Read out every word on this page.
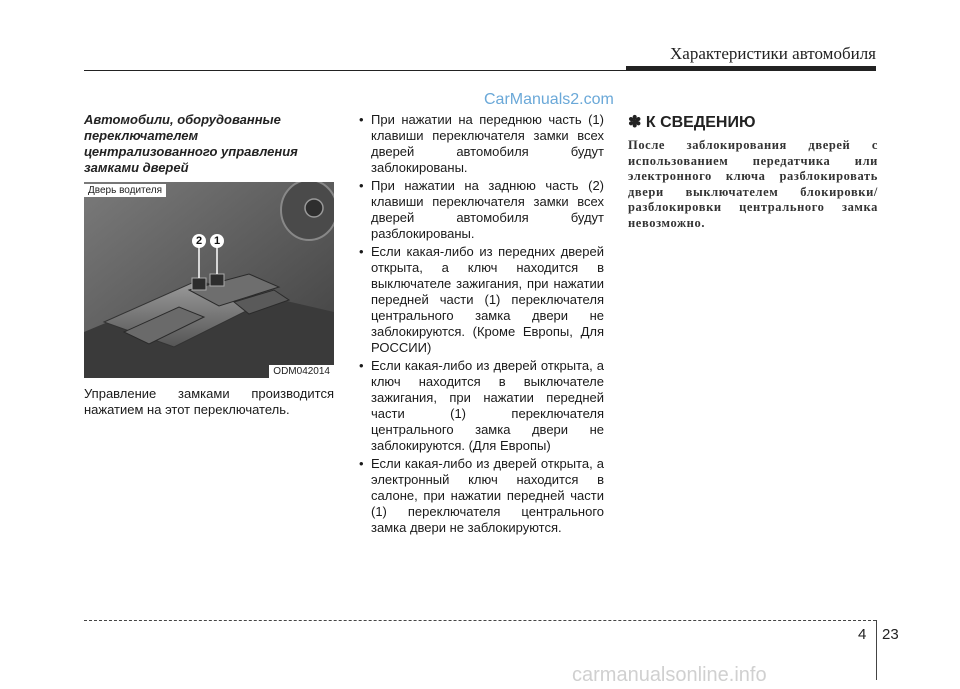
Характеристики автомобиля
CarManuals2.com
Автомобили, оборудованные переключателем централизованного управления замками дверей
Дверь водителя
2	1
ODM042014
Управление замками производится нажатием на этот переключатель.
• При нажатии на переднюю часть (1) клавиши переключателя замки всех дверей автомобиля будут заблокированы.
• При нажатии на заднюю часть (2) клавиши переключателя замки всех дверей автомобиля будут разблокированы.
• Если какая-либо из передних дверей открыта, а ключ находится в выключателе зажигания, при нажатии передней части (1) переключателя центрального замка двери не заблокируются. (Кроме Европы, Для РОССИИ)
• Если какая-либо из дверей открыта, а ключ находится в выключателе зажигания, при нажатии передней части (1) переключателя центрального замка двери не заблокируются. (Для Европы)
• Если какая-либо из дверей открыта, а электронный ключ находится в салоне, при нажатии передней части (1) переключателя центрального замка двери не заблокируются.
✽ К СВЕДЕНИЮ
После заблокирования дверей с использованием передатчика или электронного ключа разблокировать двери выключателем блокировки/разблокировки центрального замка невозможно.
4 23
carmanualsonline.info
